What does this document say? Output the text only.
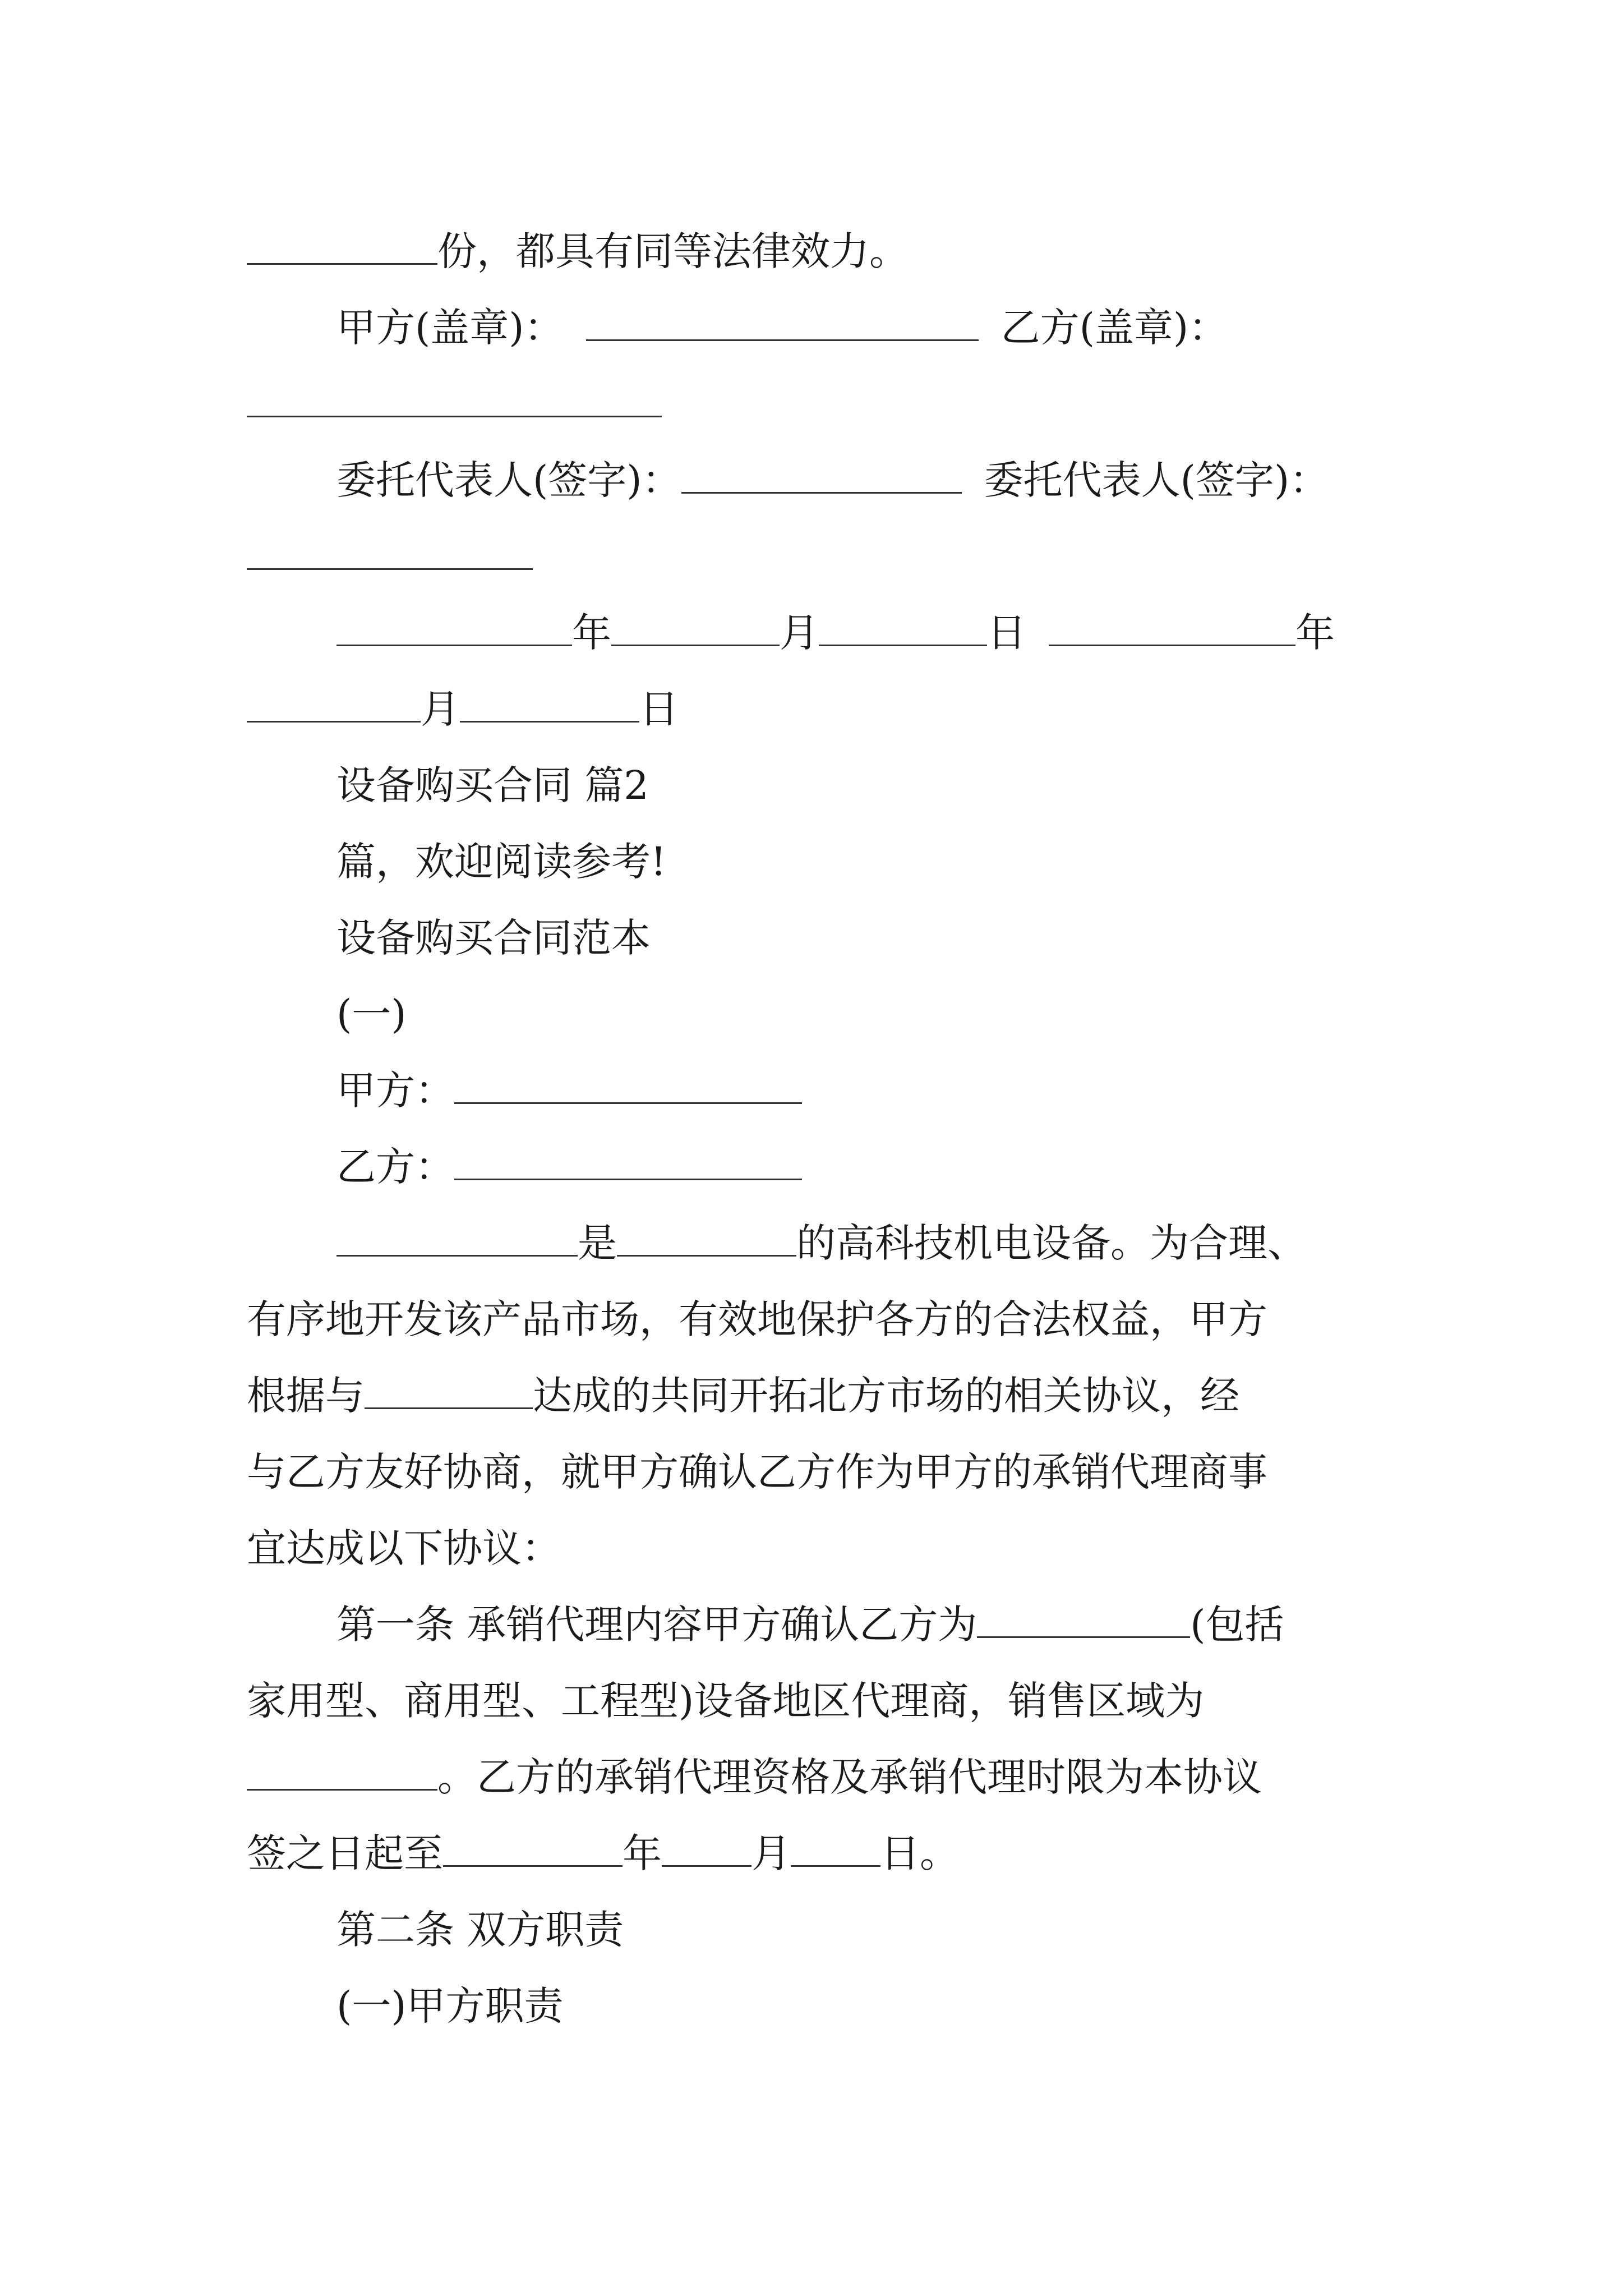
份，都具有同等法律效力。
甲方(盖章)：	乙方(盖章)：
委托代表人(签字)：	委托代表人(签字)：
年	月	日	年
月	日
设备购买合同 篇2
篇，欢迎阅读参考!
设备购买合同范本
(一)
甲方：
乙方：
是	的高科技机电设备。为合理、
有序地开发该产品市场，有效地保护各方的合法权益，甲方
根据与	达成的共同开拓北方市场的相关协议，经
与乙方友好协商，就甲方确认乙方作为甲方的承销代理商事
宜达成以下协议：
第一条 承销代理内容甲方确认乙方为	(包括
家用型、商用型、工程型)设备地区代理商，销售区域为
。乙方的承销代理资格及承销代理时限为本协议
签之日起至	年 月 日。
第二条 双方职责
(一)甲方职责
